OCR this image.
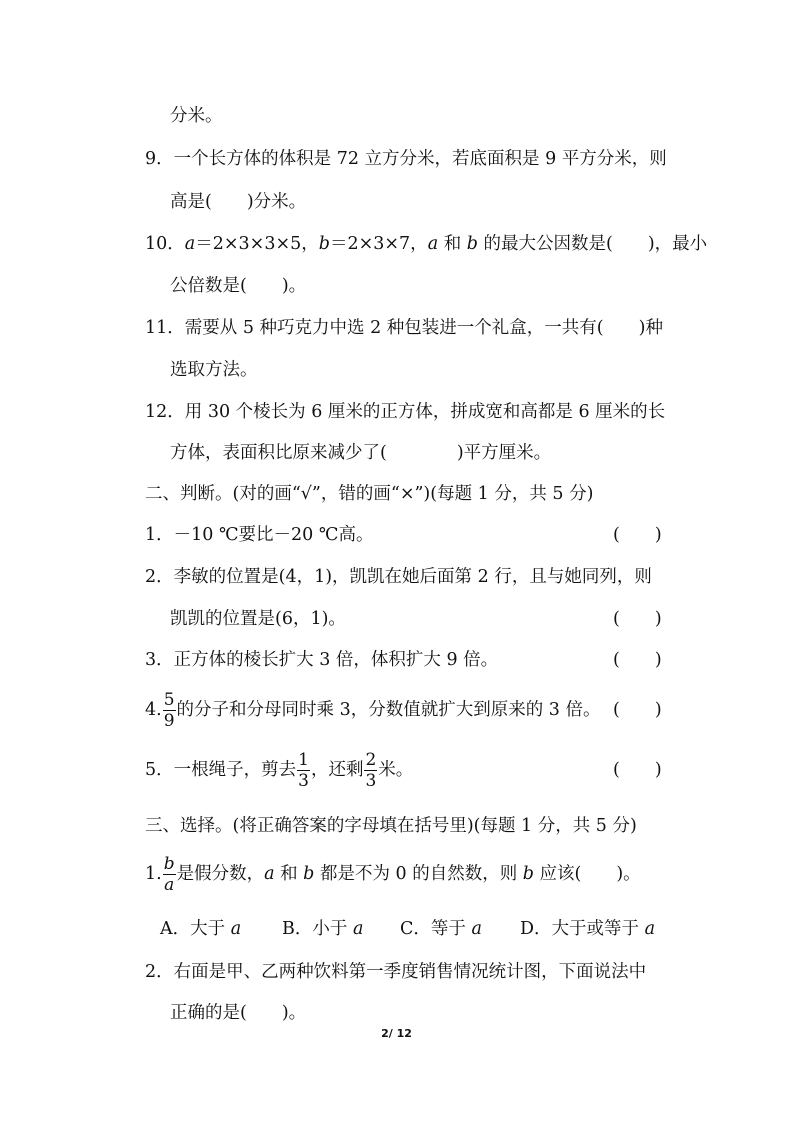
分米。
9．一个长方体的体积是 72 立方分米，若底面积是 9 平方分米，则
高是(　　)分米。
10．a＝2×3×3×5，b＝2×3×7，a 和 b 的最大公因数是(　　)，最小
公倍数是(　　)。
11．需要从 5 种巧克力中选 2 种包装进一个礼盒，一共有(　　)种
选取方法。
12．用 30 个棱长为 6 厘米的正方体，拼成宽和高都是 6 厘米的长
方体，表面积比原来减少了(　　　　)平方厘米。
二、判断。(对的画“√”，错的画“×”)(每题 1 分，共 5 分)
1．－10 ℃要比－20 ℃高。	(　　)
2．李敏的位置是(4，1)，凯凯在她后面第 2 行，且与她同列，则
凯凯的位置是(6，1)。	(　　)
3．正方体的棱长扩大 3 倍，体积扩大 9 倍。	(　　)
4. $\frac{5}{9}$ 的分子和分母同时乘 3，分数值就扩大到原来的 3 倍。 (　　)
5．一根绳子，剪去 $\frac{1}{3}$ ，还剩 $\frac{2}{3}$ 米。	(　　)
三、选择。(将正确答案的字母填在括号里)(每题 1 分，共 5 分)
1. $\frac{b}{a}$ 是假分数，a 和 b 都是不为 0 的自然数，则 b 应该(　　)。
A．大于 a B．小于 a C．等于 a D．大于或等于 a
2．右面是甲、乙两种饮料第一季度销售情况统计图，下面说法中
正确的是(　　)。
2/ 12
